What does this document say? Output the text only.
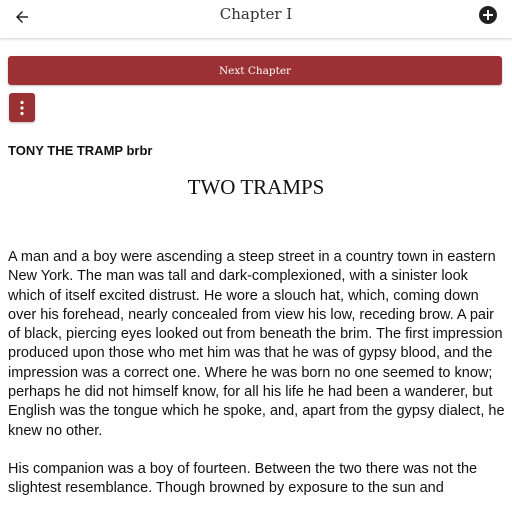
Chapter I
Next Chapter
TONY THE TRAMP brbr
TWO TRAMPS

A man and a boy were ascending a steep street in a country town in eastern New York. The man was tall and dark-complexioned, with a sinister look which of itself excited distrust. He wore a slouch hat, which, coming down over his forehead, nearly concealed from view his low, receding brow. A pair of black, piercing eyes looked out from beneath the brim. The first impression produced upon those who met him was that he was of gypsy blood, and the impression was a correct one. Where he was born no one seemed to know; perhaps he did not himself know, for all his life he had been a wanderer, but English was the tongue which he spoke, and, apart from the gypsy dialect, he knew no other.

His companion was a boy of fourteen. Between the two there was not the slightest resemblance. Though browned by exposure to the sun and
